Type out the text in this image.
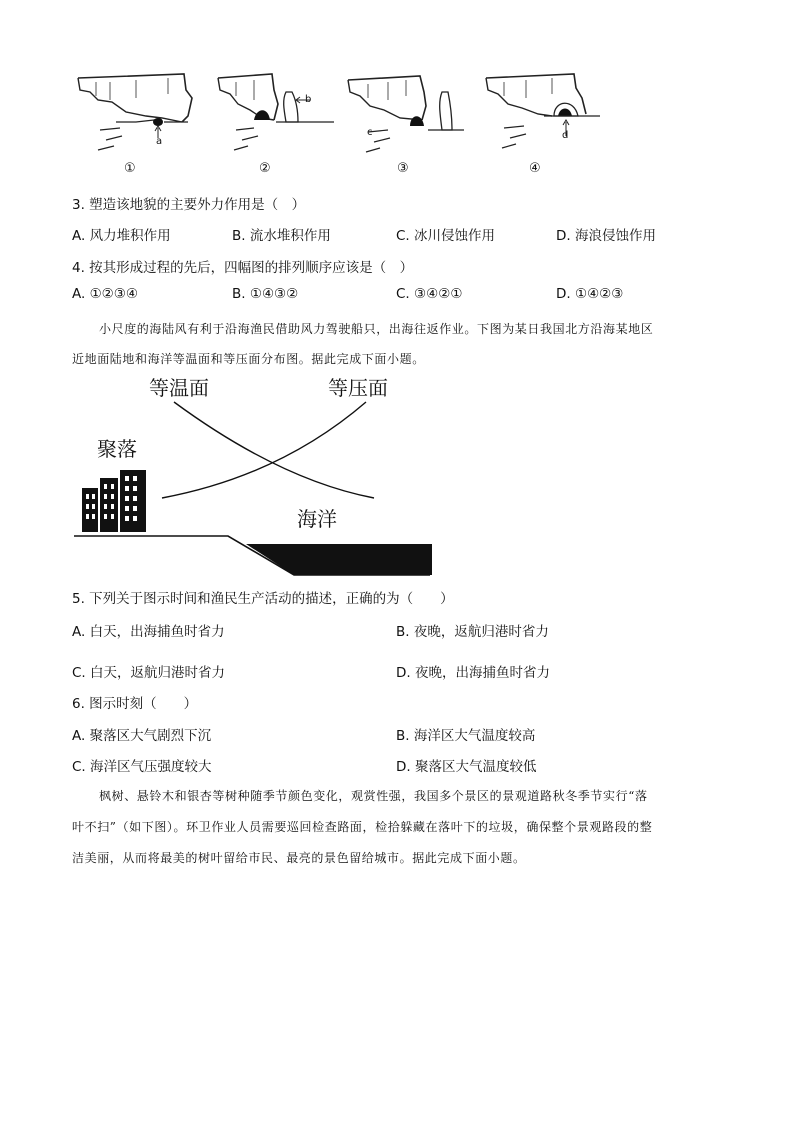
a
①
b
②
c
③
d
④
3. 塑造该地貌的主要外力作用是（　）
A. 风力堆积作用	B. 流水堆积作用	C. 冰川侵蚀作用	D. 海浪侵蚀作用
4. 按其形成过程的先后，四幅图的排列顺序应该是（　）
A. ①②③④	B. ①④③②	C. ③④②①	D. ①④②③
小尺度的海陆风有利于沿海渔民借助风力驾驶船只，出海往返作业。下图为某日我国北方沿海某地区
近地面陆地和海洋等温面和等压面分布图。据此完成下面小题。
等温面	等压面
聚落
海洋
5. 下列关于图示时间和渔民生产活动的描述，正确的为（　　）
A. 白天，出海捕鱼时省力	B. 夜晚，返航归港时省力
C. 白天，返航归港时省力	D. 夜晚，出海捕鱼时省力
6. 图示时刻（　　）
A. 聚落区大气剧烈下沉	B. 海洋区大气温度较高
C. 海洋区气压强度较大	D. 聚落区大气温度较低
枫树、悬铃木和银杏等树种随季节颜色变化，观赏性强，我国多个景区的景观道路秋冬季节实行“落
叶不扫”（如下图）。环卫作业人员需要巡回检查路面，检拾躲藏在落叶下的垃圾，确保整个景观路段的整
洁美丽，从而将最美的树叶留给市民、最亮的景色留给城市。据此完成下面小题。
